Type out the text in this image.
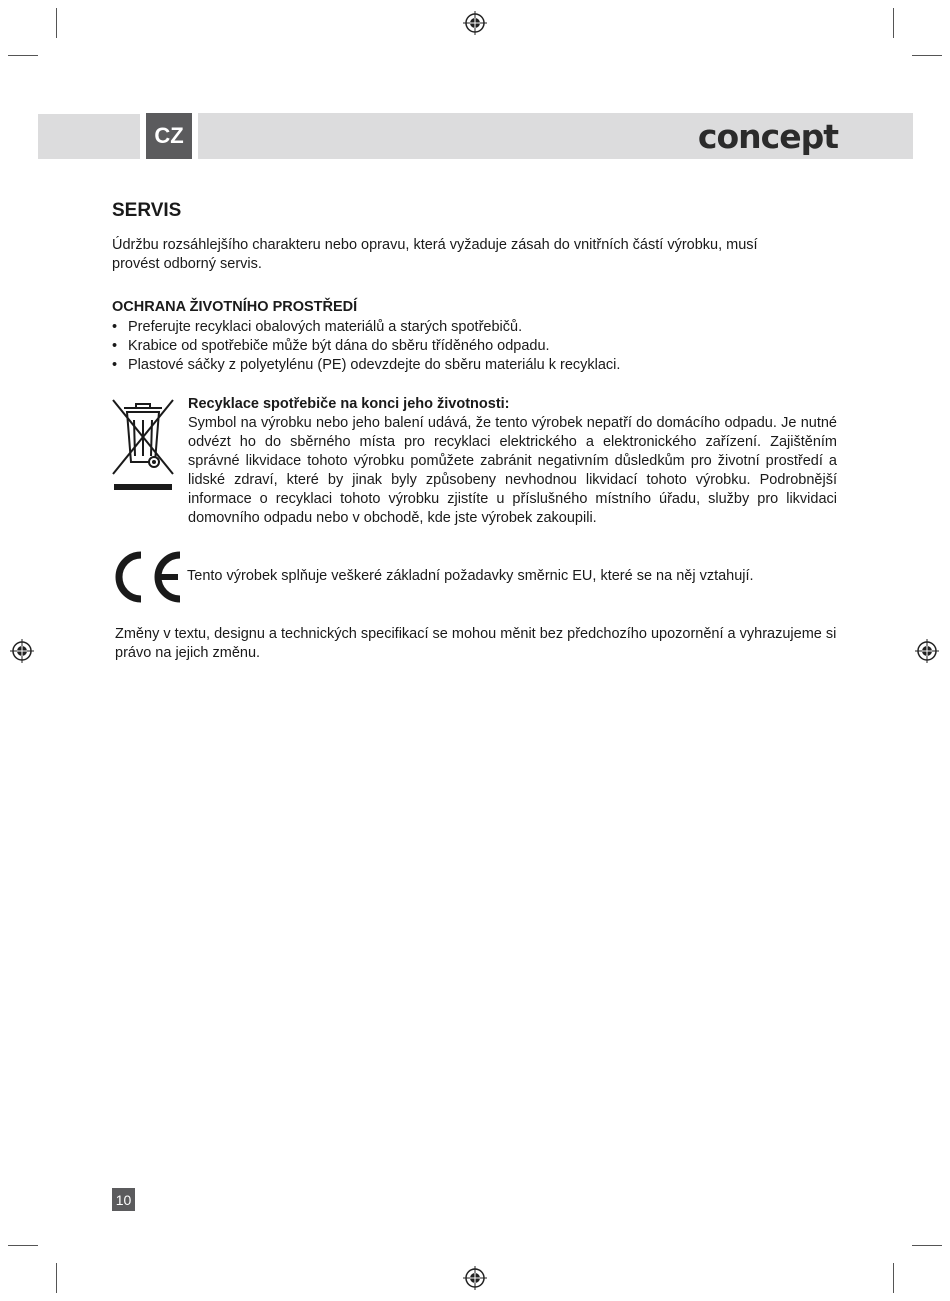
CZ	concept
SERVIS
Údržbu rozsáhlejšího charakteru nebo opravu, která vyžaduje zásah do vnitřních částí výrobku, musí provést odborný servis.
OCHRANA ŽIVOTNÍHO PROSTŘEDÍ
• Preferujte recyklaci obalových materiálů a starých spotřebičů.
• Krabice od spotřebiče může být dána do sběru tříděného odpadu.
• Plastové sáčky z polyetylénu (PE) odevzdejte do sběru materiálu k recyklaci.
Recyklace spotřebiče na konci jeho životnosti:
Symbol na výrobku nebo jeho balení udává, že tento výrobek nepatří do domácího odpadu. Je nutné odvézt ho do sběrného místa pro recyklaci elektrického a elektronického zařízení. Zajištěním správné likvidace tohoto výrobku pomůžete zabránit negativním důsledkům pro životní prostředí a lidské zdraví, které by jinak byly způsobeny nevhodnou likvidací tohoto výrobku. Podrobnější informace o recyklaci tohoto výrobku zjistíte u příslušného místního úřadu, služby pro likvidaci domovního odpadu nebo v obchodě, kde jste výrobek zakoupili.
Tento výrobek splňuje veškeré základní požadavky směrnic EU, které se na něj vztahují.
Změny v textu, designu a technických specifikací se mohou měnit bez předchozího upozornění a vyhrazujeme si právo na jejich změnu.
10
